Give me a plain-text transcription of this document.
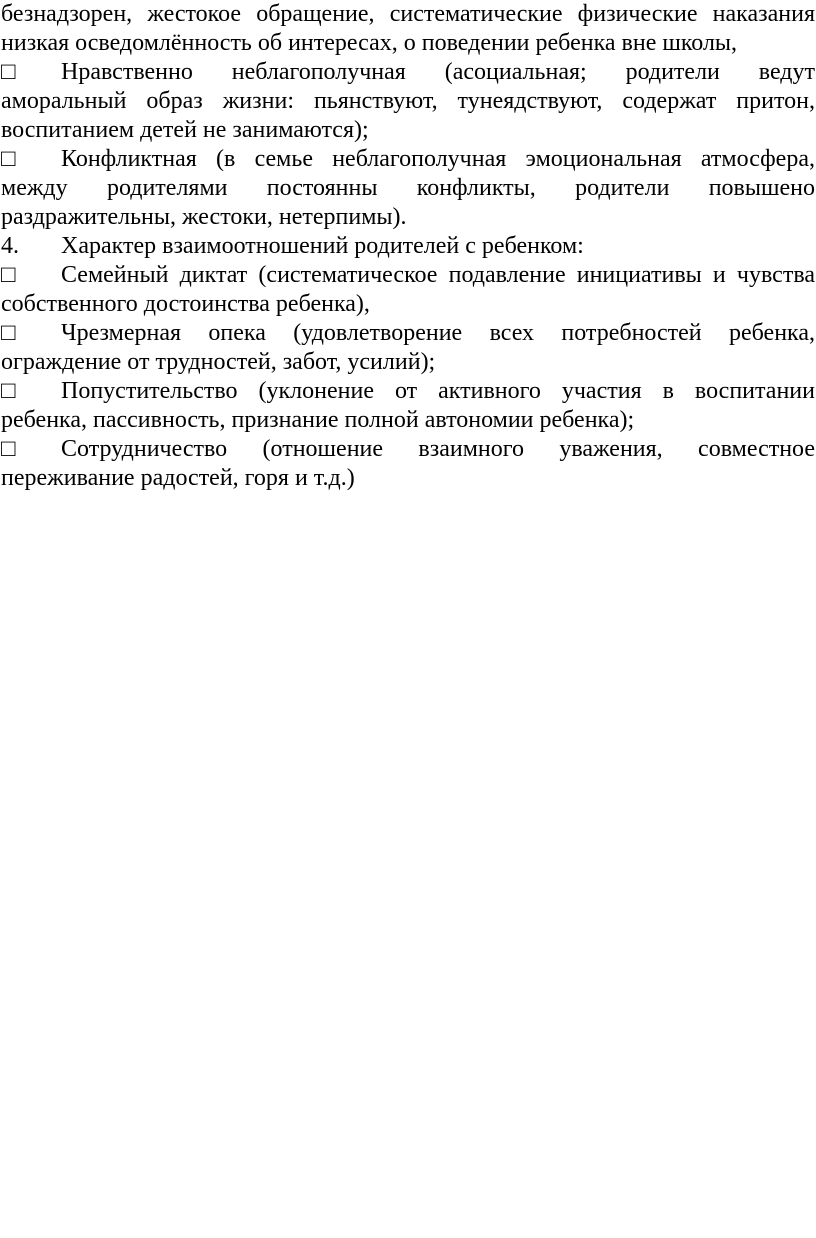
безнадзорен, жестокое обращение, систематические физические наказания
низкая осведомлённость об интересах, о поведении ребенка вне школы,
□ Нравственно неблагополучная (асоциальная; родители ведут
аморальный образ жизни: пьянствуют, тунеядствуют, содержат притон,
воспитанием детей не занимаются);
□ Конфликтная (в семье неблагополучная эмоциональная атмосфера,
между родителями постоянны конфликты, родители повышено
раздражительны, жестоки, нетерпимы).
4. Характер взаимоотношений родителей с ребенком:
□ Семейный диктат (систематическое подавление инициативы и чувства
собственного достоинства ребенка),
□ Чрезмерная опека (удовлетворение всех потребностей ребенка,
ограждение от трудностей, забот, усилий);
□ Попустительство (уклонение от активного участия в воспитании
ребенка, пассивность, признание полной автономии ребенка);
□ Сотрудничество (отношение взаимного уважения, совместное
переживание радостей, горя и т.д.)
